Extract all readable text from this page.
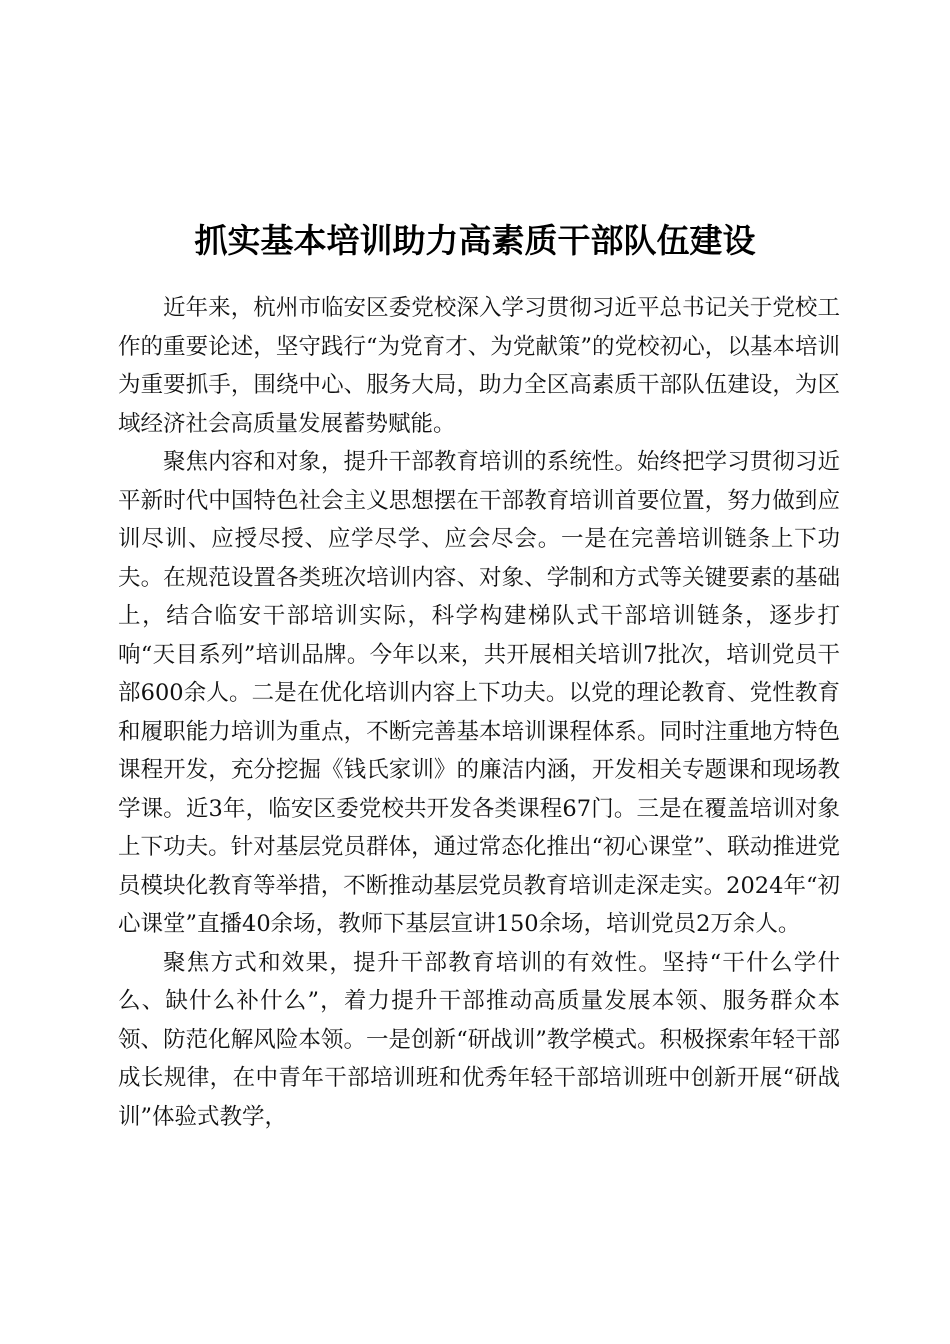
抓实基本培训助力高素质干部队伍建设

近年来，杭州市临安区委党校深入学习贯彻习近平总书记关于党校工作的重要论述，坚守践行“为党育才、为党献策”的党校初心，以基本培训为重要抓手，围绕中心、服务大局，助力全区高素质干部队伍建设，为区域经济社会高质量发展蓄势赋能。

聚焦内容和对象，提升干部教育培训的系统性。始终把学习贯彻习近平新时代中国特色社会主义思想摆在干部教育培训首要位置，努力做到应训尽训、应授尽授、应学尽学、应会尽会。一是在完善培训链条上下功夫。在规范设置各类班次培训内容、对象、学制和方式等关键要素的基础上，结合临安干部培训实际，科学构建梯队式干部培训链条，逐步打响“天目系列”培训品牌。今年以来，共开展相关培训7批次，培训党员干部600余人。二是在优化培训内容上下功夫。以党的理论教育、党性教育和履职能力培训为重点，不断完善基本培训课程体系。同时注重地方特色课程开发，充分挖掘《钱氏家训》的廉洁内涵，开发相关专题课和现场教学课。近3年，临安区委党校共开发各类课程67门。三是在覆盖培训对象上下功夫。针对基层党员群体，通过常态化推出“初心课堂”、联动推进党员模块化教育等举措，不断推动基层党员教育培训走深走实。2024年“初心课堂”直播40余场，教师下基层宣讲150余场，培训党员2万余人。

聚焦方式和效果，提升干部教育培训的有效性。坚持“干什么学什么、缺什么补什么”，着力提升干部推动高质量发展本领、服务群众本领、防范化解风险本领。一是创新“研战训”教学模式。积极探索年轻干部成长规律，在中青年干部培训班和优秀年轻干部培训班中创新开展“研战训”体验式教学，
